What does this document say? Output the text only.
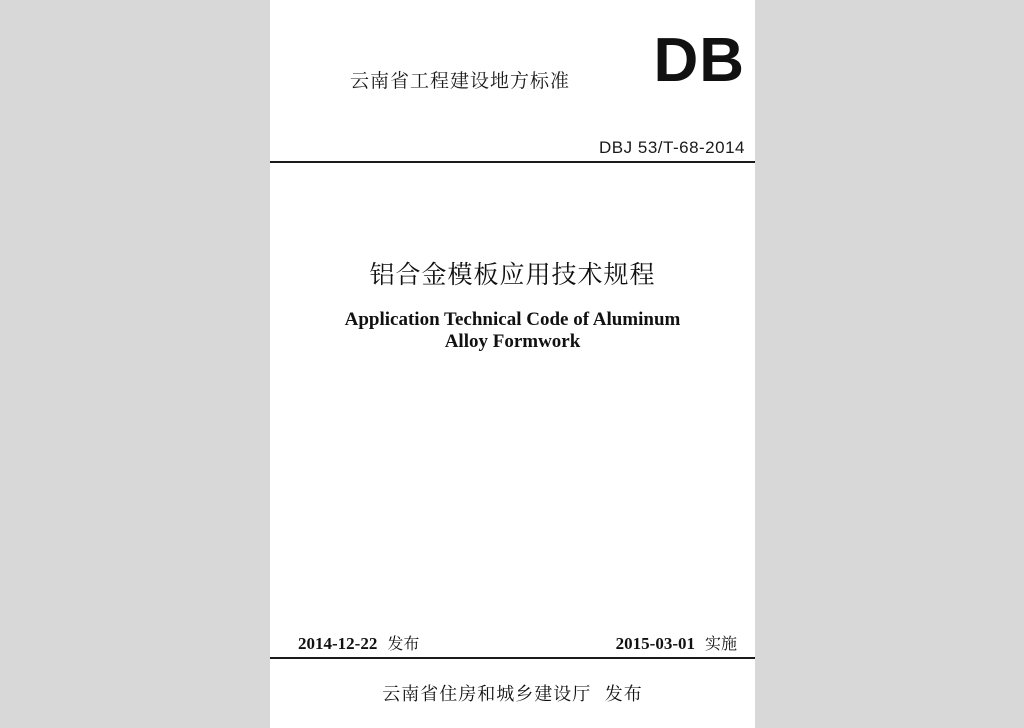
云南省工程建设地方标准 DB
DBJ 53/T-68-2014
铝合金模板应用技术规程
Application Technical Code of Aluminum
Alloy Formwork
2014-12-22 发布	2015-03-01 实施
云南省住房和城乡建设厅  发布
